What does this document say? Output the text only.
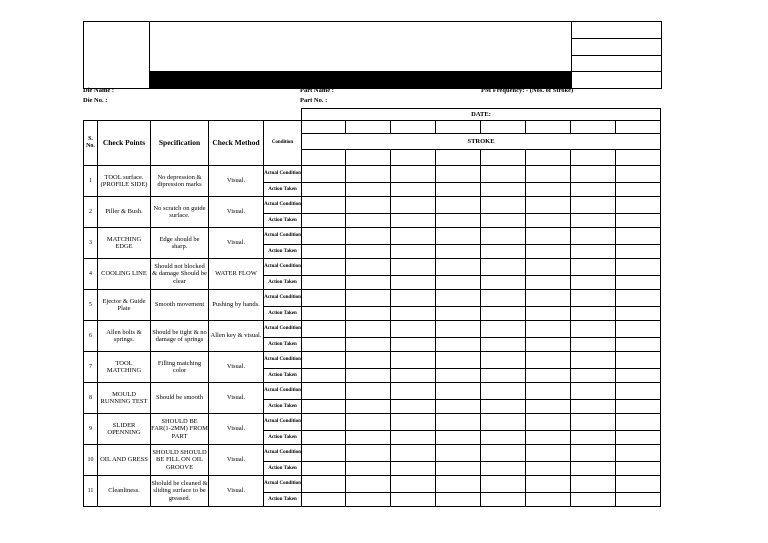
Die Name :
Die No. :
Part Name :
Part No. :
PM Frequency: - (Nos. of Stroke)
					DATE:							
S. No.	Check Points	Specification	Check Method	Condition								
					STROKE							

1	TOOL surface. (PROFILE SIDE)	No depression & dipression marks	Visual.	Actual Condition								
				Action Taken								
2	Piller & Bush.	No scratch on guide surface.	Visual.	Actual Condition								
				Action Taken								
3	MATCHING EDGE	Edge should be sharp.	Visual.	Actual Condition								
				Action Taken								
4	COOLING LINE	Should not blocked & damage Should be clear	WATER FLOW	Actual Condition								
				Action Taken								
5	Ejector & Guide Plate	Smooth movement	Pushing by hands.	Actual Condition								
				Action Taken								
6	Allen bolts & springs.	Should be tight & no damage of springs	Allen key & visual.	Actual Condition								
				Action Taken								
7	TOOL MATCHING	Filling matching color	Visual.	Actual Condition								
				Action Taken								
8	MOULD RUNNING TEST	Should be smooth	Visual.	Actual Condition								
				Action Taken								
9	SLIDER OPENNING	SHOULD BE FAR(1-2MM) FROM PART	Visual.	Actual Condition								
				Action Taken								
10	OIL AND GRESS	SHOULD SHOULD BE FILL ON OIL GROOVE	Visual.	Actual Condition								
				Action Taken								
11	Cleanliness.	Sholuld be cleaned & sliding surface to be greased.	Visual.	Actual Condition								
				Action Taken								
